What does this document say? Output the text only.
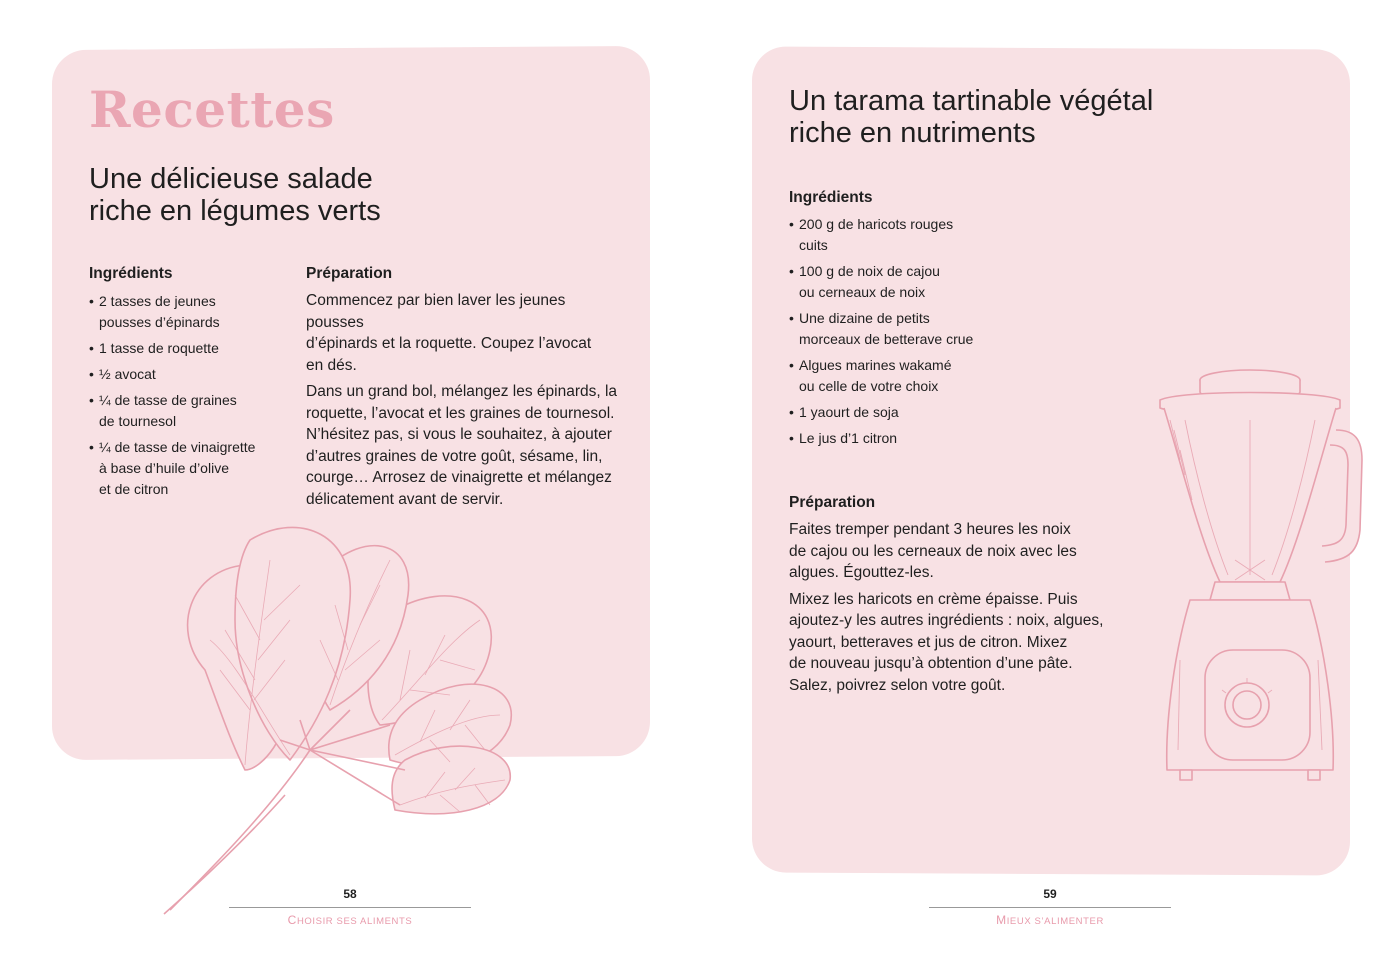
Recettes
Une délicieuse salade
riche en légumes verts
Ingrédients
• 2 tasses de jeunes
pousses d’épinards
• 1 tasse de roquette
• ½ avocat
• ¼ de tasse de graines
de tournesol
• ¼ de tasse de vinaigrette
à base d’huile d’olive
et de citron
Préparation

Commencez par bien laver les jeunes pousses
d’épinards et la roquette. Coupez l’avocat
en dés.

Dans un grand bol, mélangez les épinards, la
roquette, l’avocat et les graines de tournesol.
N’hésitez pas, si vous le souhaitez, à ajouter
d’autres graines de votre goût, sésame, lin,
courge… Arrosez de vinaigrette et mélangez
délicatement avant de servir.

Un tarama tartinable végétal
riche en nutriments
Ingrédients
• 200 g de haricots rouges
cuits
• 100 g de noix de cajou
ou cerneaux de noix
• Une dizaine de petits
morceaux de betterave crue
• Algues marines wakamé
ou celle de votre choix
• 1 yaourt de soja
• Le jus d’1 citron
Préparation

Faites tremper pendant 3 heures les noix
de cajou ou les cerneaux de noix avec les
algues. Égouttez-les.

Mixez les haricots en crème épaisse. Puis
ajoutez-y les autres ingrédients : noix, algues,
yaourt, betteraves et jus de citron. Mixez
de nouveau jusqu’à obtention d’une pâte.
Salez, poivrez selon votre goût.

58
CHOISIR SES ALIMENTS
59
MIEUX S’ALIMENTER
